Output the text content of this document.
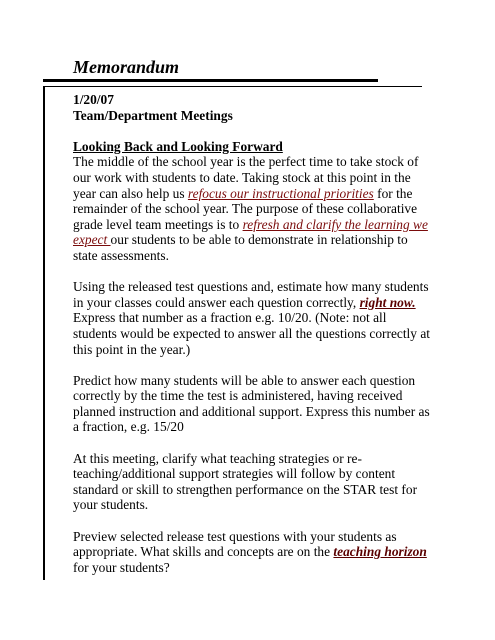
Memorandum
1/20/07
Team/Department Meetings
Looking Back and Looking Forward

The middle of the school year is the perfect time to take stock of our work with students to date. Taking stock at this point in the year can also help us refocus our instructional priorities for the remainder of the school year. The purpose of these collaborative grade level team meetings is to refresh and clarify the learning we expect our students to be able to demonstrate in relationship to state assessments.

Using the released test questions and, estimate how many students in your classes could answer each question correctly, right now. Express that number as a fraction e.g. 10/20. (Note: not all students would be expected to answer all the questions correctly at this point in the year.)

Predict how many students will be able to answer each question correctly by the time the test is administered, having received planned instruction and additional support. Express this number as a fraction, e.g. 15/20

At this meeting, clarify what teaching strategies or re-teaching/additional support strategies will follow by content standard or skill to strengthen performance on the STAR test for your students.

Preview selected release test questions with your students as appropriate. What skills and concepts are on the teaching horizon for your students?
